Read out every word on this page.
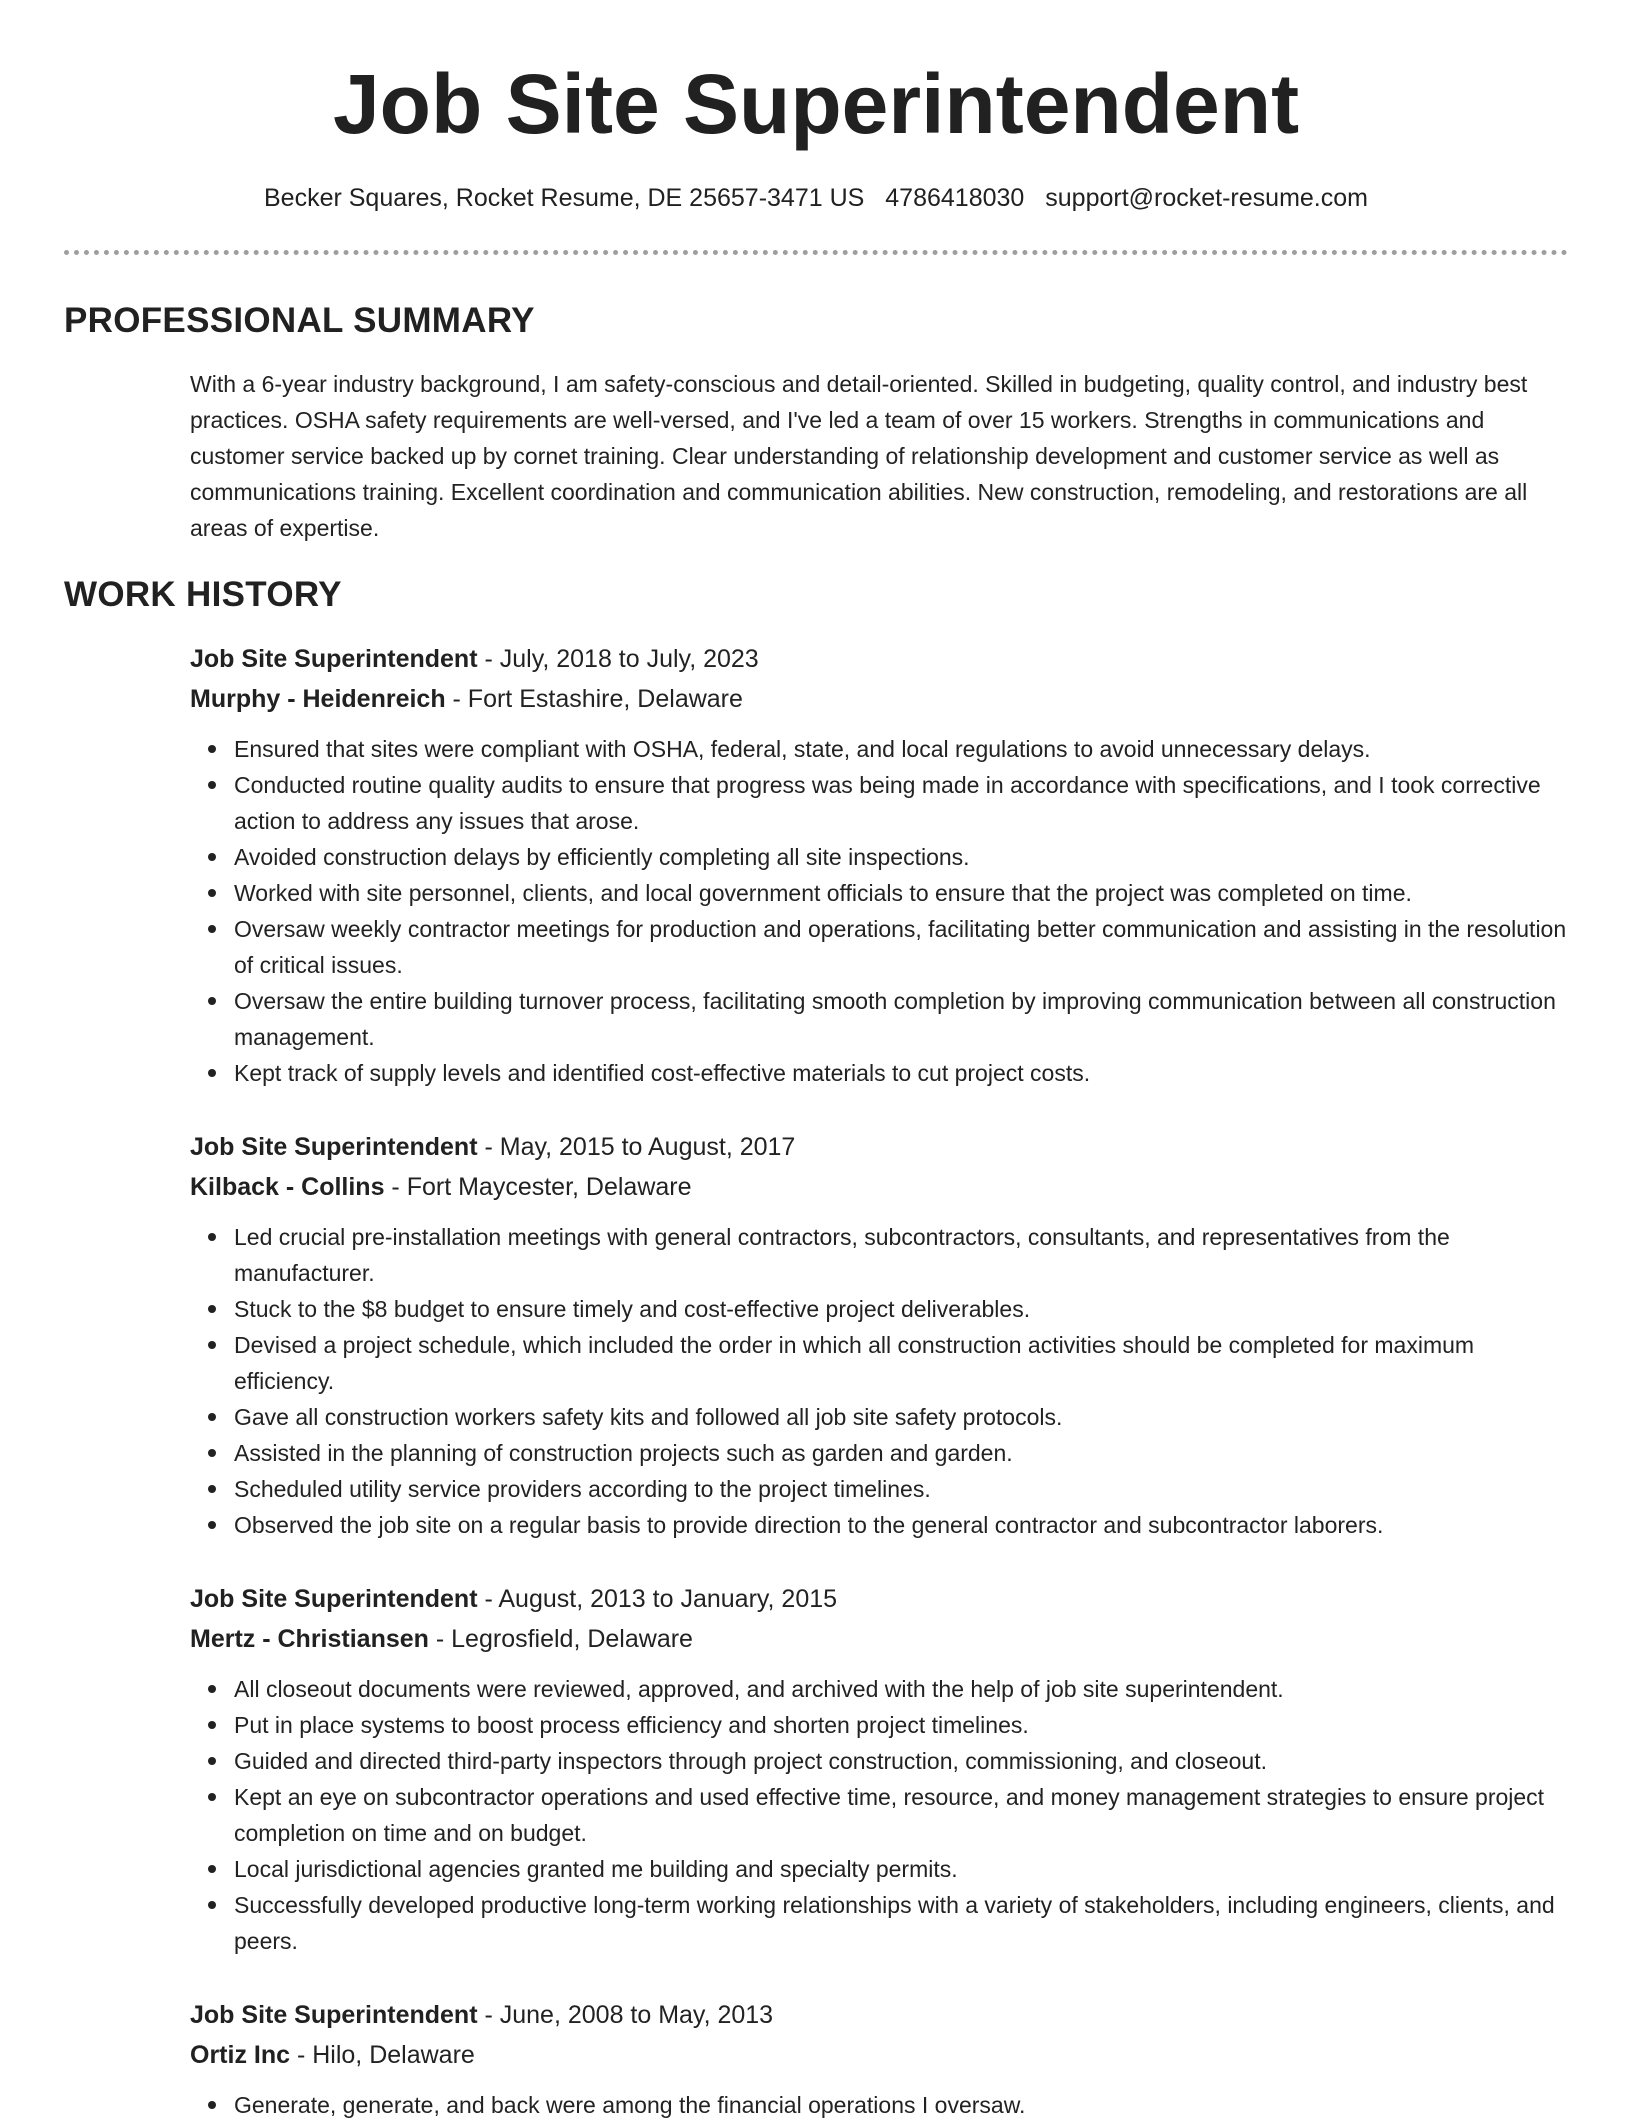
Job Site Superintendent
Becker Squares, Rocket Resume, DE 25657-3471 US 4786418030 support@rocket-resume.com
PROFESSIONAL SUMMARY

With a 6-year industry background, I am safety-conscious and detail-oriented. Skilled in budgeting, quality control, and industry best practices. OSHA safety requirements are well-versed, and I've led a team of over 15 workers. Strengths in communications and customer service backed up by cornet training. Clear understanding of relationship development and customer service as well as communications training. Excellent coordination and communication abilities. New construction, remodeling, and restorations are all areas of expertise.

WORK HISTORY
Job Site Superintendent - July, 2018 to July, 2023
Murphy - Heidenreich - Fort Estashire, Delaware
Ensured that sites were compliant with OSHA, federal, state, and local regulations to avoid unnecessary delays.
Conducted routine quality audits to ensure that progress was being made in accordance with specifications, and I took corrective action to address any issues that arose.
Avoided construction delays by efficiently completing all site inspections.
Worked with site personnel, clients, and local government officials to ensure that the project was completed on time.
Oversaw weekly contractor meetings for production and operations, facilitating better communication and assisting in the resolution of critical issues.
Oversaw the entire building turnover process, facilitating smooth completion by improving communication between all construction management.
Kept track of supply levels and identified cost-effective materials to cut project costs.
Job Site Superintendent - May, 2015 to August, 2017
Kilback - Collins - Fort Maycester, Delaware
Led crucial pre-installation meetings with general contractors, subcontractors, consultants, and representatives from the manufacturer.
Stuck to the $8 budget to ensure timely and cost-effective project deliverables.
Devised a project schedule, which included the order in which all construction activities should be completed for maximum efficiency.
Gave all construction workers safety kits and followed all job site safety protocols.
Assisted in the planning of construction projects such as garden and garden.
Scheduled utility service providers according to the project timelines.
Observed the job site on a regular basis to provide direction to the general contractor and subcontractor laborers.
Job Site Superintendent - August, 2013 to January, 2015
Mertz - Christiansen - Legrosfield, Delaware
All closeout documents were reviewed, approved, and archived with the help of job site superintendent.
Put in place systems to boost process efficiency and shorten project timelines.
Guided and directed third-party inspectors through project construction, commissioning, and closeout.
Kept an eye on subcontractor operations and used effective time, resource, and money management strategies to ensure project completion on time and on budget.
Local jurisdictional agencies granted me building and specialty permits.
Successfully developed productive long-term working relationships with a variety of stakeholders, including engineers, clients, and peers.
Job Site Superintendent - June, 2008 to May, 2013
Ortiz Inc - Hilo, Delaware
Generate, generate, and back were among the financial operations I oversaw.
